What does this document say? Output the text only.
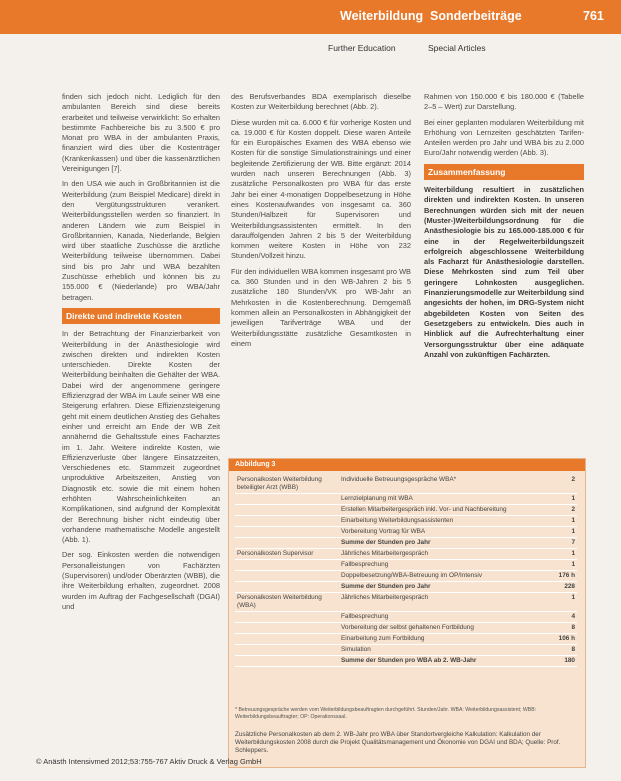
Weiterbildung Sonderbeiträge	761
Further Education	Special Articles

finden sich jedoch nicht. Lediglich für den ambulanten Bereich sind diese bereits erarbeitet und teilweise verwirklicht: So erhalten bestimmte Fachbereiche bis zu 3.500 € pro Monat pro WBA in der ambulanten Praxis, finanziert wird dies über die Kostenträger (Krankenkassen) und über die kassenärztlichen Vereinigungen [7].

In den USA wie auch in Großbritannien ist die Weiterbildung (zum Beispiel Medicare) direkt in den Vergütungsstrukturen verankert. Weiterbildungsstellen werden so finanziert. In anderen Ländern wie zum Beispiel in Großbritannien, Kanada, Niederlande, Belgien wird über staatliche Zuschüsse die ärztliche Weiterbildung teilweise übernommen. Dabei sind bis pro Jahr und WBA bezahlten Zuschüsse erheblich und können bis zu 155.000 € (Niederlande) pro WBA/Jahr betragen.

Direkte und indirekte Kosten

In der Betrachtung der Finanzierbarkeit von Weiterbildung in der Anästhesiologie wird zwischen direkten und indirekten Kosten unterschieden. Direkte Kosten der Weiterbildung beinhalten die Gehälter der WBA. Dabei wird der angenommene geringere Effizienzgrad der WBA im Laufe seiner WB eine Steigerung erfahren. Diese Effizienzsteigerung geht mit einem deutlichen Anstieg des Gehaltes einher und erreicht am Ende der WB Zeit annähernd die Gehaltsstufe eines Facharztes im 1. Jahr. Weitere indirekte Kosten, wie Effizienzverluste über längere Einsatzzeiten, Verschiedenes etc. Stammzeit zugeordnet unproduktive Arbeitszeiten, Anstieg von Diagnostik etc. sowie die mit einem hohen erhöhten Wahrscheinlichkeiten an Komplikationen, sind aufgrund der Komplexität der Berechnung bisher nicht eindeutig über vorhandene mathematische Modelle angestellt (Abb. 1).

Der sog. Einkosten werden die notwendigen Personalleistungen von Fachärzten (Supervisoren) und/oder Oberärzten (WBB), die ihre Weiterbildung erhalten, zugeordnet. 2008 wurden im Auftrag der Fachgesellschaft (DGAI) und

des Berufsverbandes BDA exemplarisch dieselbe Kosten zur Weiterbildung berechnet (Abb. 2).

Diese wurden mit ca. 6.000 € für vorherige Kosten und ca. 19.000 € für Kosten doppelt. Diese waren Anteile für ein Europäisches Examen des WBA ebenso wie Kosten für die sonstige Simulationstrainings und einer begleitende Zertifizierung der WB. Bitte ergänzt: 2014 wurden nach unseren Berechnungen (Abb. 3) zusätzliche Personalkosten pro WBA für das erste Jahr bei einer 4-monatigen Doppelbesetzung in Höhe eines Kostenaufwandes von insgesamt ca. 360 Stunden/Halbzeit für Supervisoren und Weiterbildungsassistenten ermittelt. In den darauffolgenden Jahren 2 bis 5 der Weiterbildung kommen weitere Kosten in Höhe von 232 Stunden/Vollzeit hinzu.

Für den individuellen WBA kommen insgesamt pro WB ca. 360 Stunden und in den WB-Jahren 2 bis 5 zusätzliche 180 Stunden/VK pro WB-Jahr an Mehrkosten in die Kostenberechnung. Demgemäß kommen allein an Personalkosten in Abhängigkeit der jeweiligen Tarifverträge WBA und der Weiterbildungsstätte zusätzliche Gesamtkosten in einem

Rahmen von 150.000 € bis 180.000 € (Tabelle 2–5 – Wert) zur Darstellung.

Bei einer geplanten modularen Weiterbildung mit Erhöhung von Lernzeiten geschätzten Tarifen-Anteilen werden pro Jahr und WBA bis zu 2.000 Euro/Jahr notwendig werden (Abb. 3).

Zusammenfassung

Weiterbildung resultiert in zusätzlichen direkten und indirekten Kosten. In unseren Berechnungen würden sich mit der neuen (Muster-)Weiterbildungsordnung für die Anästhesiologie bis zu 165.000-185.000 € für eine in der Regelweiterbildungszeit erfolgreich abgeschlossene Weiterbildung als Facharzt für Anästhesiologie darstellen. Diese Mehrkosten sind zum Teil über geringere Lohnkosten ausgeglichen. Finanzierungsmodelle zur Weiterbildung sind angesichts der hohen, im DRG-System nicht abgebildeten Kosten von Seiten des Gesetzgebers zu entwickeln. Dies auch in Hinblick auf die Aufrechterhaltung einer Versorgungsstruktur über eine adäquate Anzahl von zukünftigen Fachärzten.

Abbildung 3
Personalkosten Weiterbildung beteiligter Arzt (WBB)	Individuelle Betreuungsgespräche WBA*	2
	Lernzielplanung mit WBA	1
	Erstellen Mitarbeitergespräch inkl. Vor- und Nachbereitung	2
	Einarbeitung Weiterbildungsassistenten	1
	Vorbereitung Vortrag für WBA	1
	Summe der Stunden pro Jahr	7
Personalkosten Supervisor	Jährliches Mitarbeitergespräch	1
	Fallbesprechung	1
	Doppelbesetzung/WBA-Betreuung im OP/Intensiv	176 h
	Summe der Stunden pro Jahr	228
Personalkosten Weiterbildung (WBA)	Jährliches Mitarbeitergespräch	1
	Fallbesprechung	4
	Vorbereitung der selbst gehaltenen Fortbildung	8
	Einarbeitung zum Fortbildung	106 h
	Simulation	8
	Summe der Stunden pro WBA ab 2. WB-Jahr	180
* Betreuungsgespräche werden vom Weiterbildungsbeauftragten durchgeführt. Stunden/Jahr. WBA: Weiterbildungsassistent; WBB: Weiterbildungsbeauftragter; OP: Operationssaal.
Zusätzliche Personalkosten ab dem 2. WB-Jahr pro WBA über Standortvergleiche Kalkulation: Kalkulation der Weiterbildungskosten 2008 durch die Projekt Qualitätsmanagement und Ökonomie von DGAI und BDA; Quelle: Prof. Schleppers.
© Anästh Intensivmed 2012;53:755-767 Aktiv Druck & Verlag GmbH
